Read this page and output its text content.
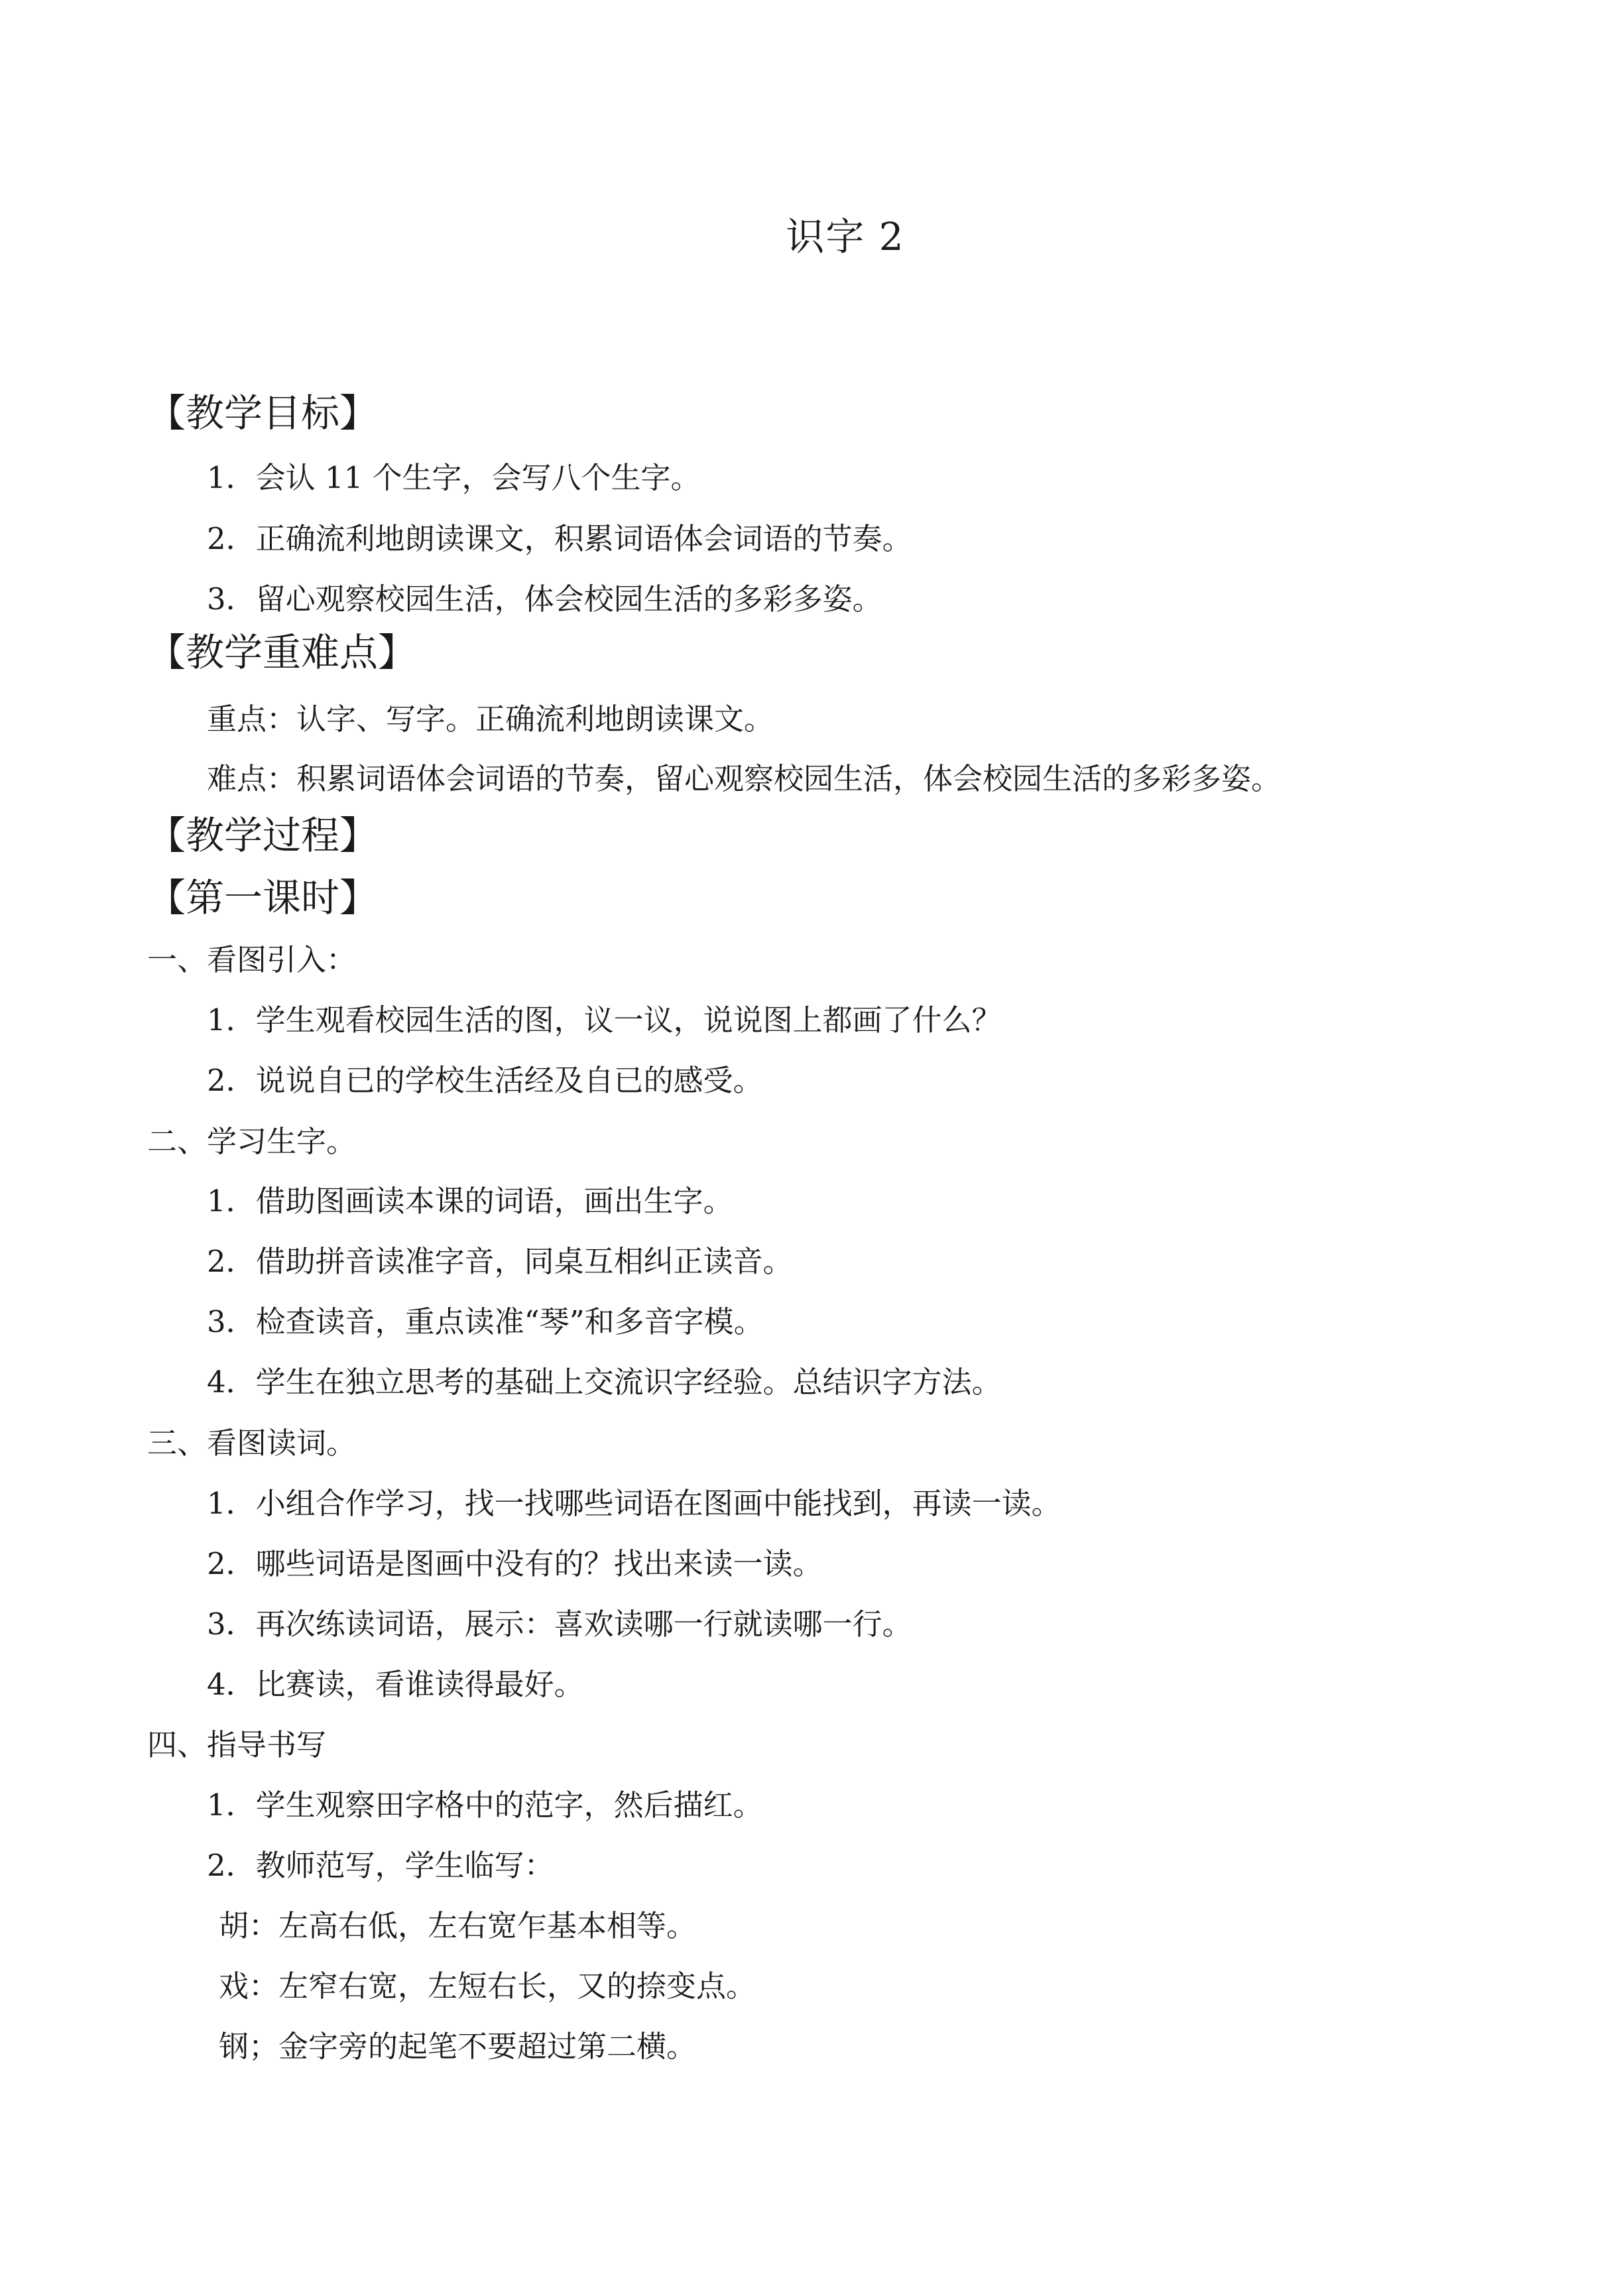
识字 2
【教学目标】
1．会认 11 个生字，会写八个生字。
2．正确流利地朗读课文，积累词语体会词语的节奏。
3．留心观察校园生活，体会校园生活的多彩多姿。
【教学重难点】
重点：认字、写字。正确流利地朗读课文。
难点：积累词语体会词语的节奏，留心观察校园生活，体会校园生活的多彩多姿。
【教学过程】
【第一课时】
一、看图引入：
1．学生观看校园生活的图，议一议，说说图上都画了什么？
2．说说自已的学校生活经及自已的感受。
二、学习生字。
1．借助图画读本课的词语，画出生字。
2．借助拼音读准字音，同桌互相纠正读音。
3．检查读音，重点读准“琴”和多音字模。
4．学生在独立思考的基础上交流识字经验。总结识字方法。
三、看图读词。
1．小组合作学习，找一找哪些词语在图画中能找到，再读一读。
2．哪些词语是图画中没有的？找出来读一读。
3．再次练读词语，展示：喜欢读哪一行就读哪一行。
4．比赛读，看谁读得最好。
四、指导书写
1．学生观察田字格中的范字，然后描红。
2．教师范写，学生临写：
胡：左高右低，左右宽乍基本相等。
戏：左窄右宽，左短右长，又的捺变点。
钢；金字旁的起笔不要超过第二横。
